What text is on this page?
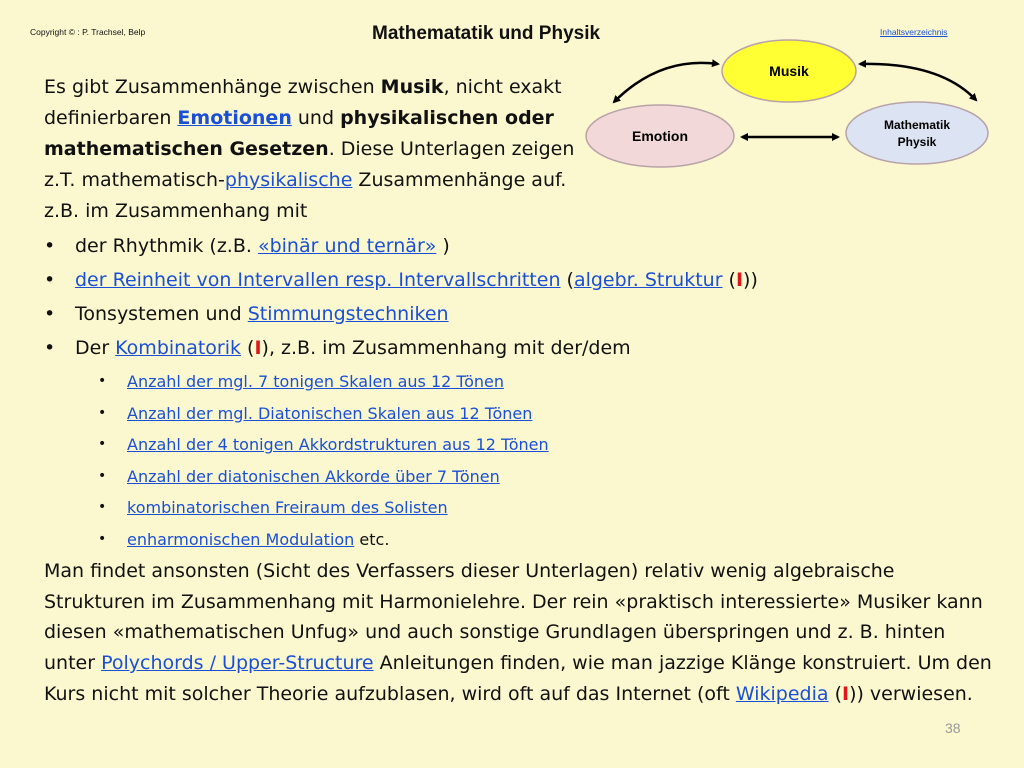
Copyright © : P. Trachsel, Belp	Mathematatik und Physik	Inhaltsverzeichnis
Musik
Emotion
Mathematik
Physik
Es gibt Zusammenhänge zwischen Musik, nicht exakt definierbaren Emotionen und physikalischen oder mathematischen Gesetzen. Diese Unterlagen zeigen z.T. mathematisch-physikalische Zusammenhänge auf. z.B. im Zusammenhang mit
• der Rhythmik (z.B. «binär und ternär» )
• der Reinheit von Intervallen resp. Intervallschritten (algebr. Struktur (I))
• Tonsystemen und Stimmungstechniken
• Der Kombinatorik (I), z.B. im Zusammenhang mit der/dem
• Anzahl der mgl. 7 tonigen Skalen aus 12 Tönen
• Anzahl der mgl. Diatonischen Skalen aus 12 Tönen
• Anzahl der 4 tonigen Akkordstrukturen aus 12 Tönen
• Anzahl der diatonischen Akkorde über 7 Tönen
• kombinatorischen Freiraum des Solisten
• enharmonischen Modulation etc.
Man findet ansonsten (Sicht des Verfassers dieser Unterlagen) relativ wenig algebraische Strukturen im Zusammenhang mit Harmonielehre. Der rein «praktisch interessierte» Musiker kann diesen «mathematischen Unfug» und auch sonstige Grundlagen überspringen und z. B. hinten unter Polychords / Upper-Structure Anleitungen finden, wie man jazzige Klänge konstruiert. Um den Kurs nicht mit solcher Theorie aufzublasen, wird oft auf das Internet (oft Wikipedia (I)) verwiesen.
38
